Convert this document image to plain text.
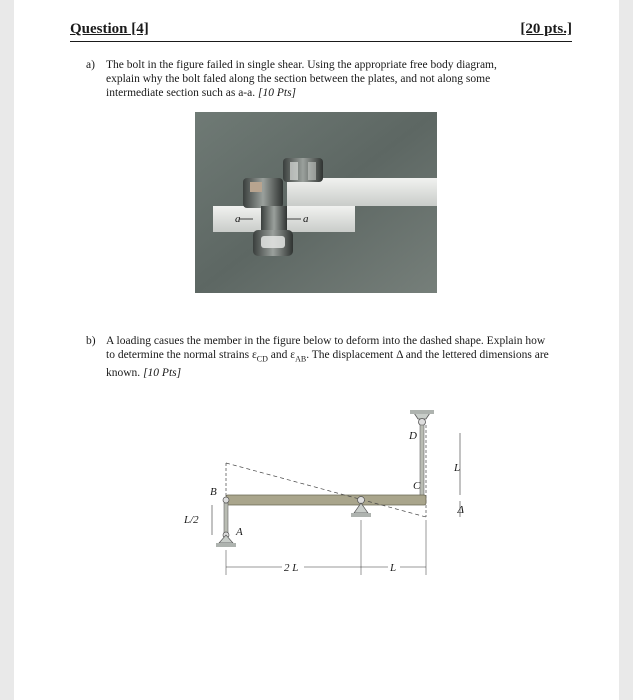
Question [4]	[20 pts.]
a) The bolt in the figure failed in single shear. Using the appropriate free body diagram,
explain why the bolt faled along the section between the plates, and not along some
intermediate section such as a-a. [10 Pts]
a	a
b) A loading casues the member in the figure below to deform into the dashed shape. Explain how
to determine the normal strains $\varepsilon_{CD}$ and $\varepsilon_{AB}$. The displacement Δ and the lettered dimensions are
known. [10 Pts]
L/2
L
Δ
2 L	L
B
A
C
D
